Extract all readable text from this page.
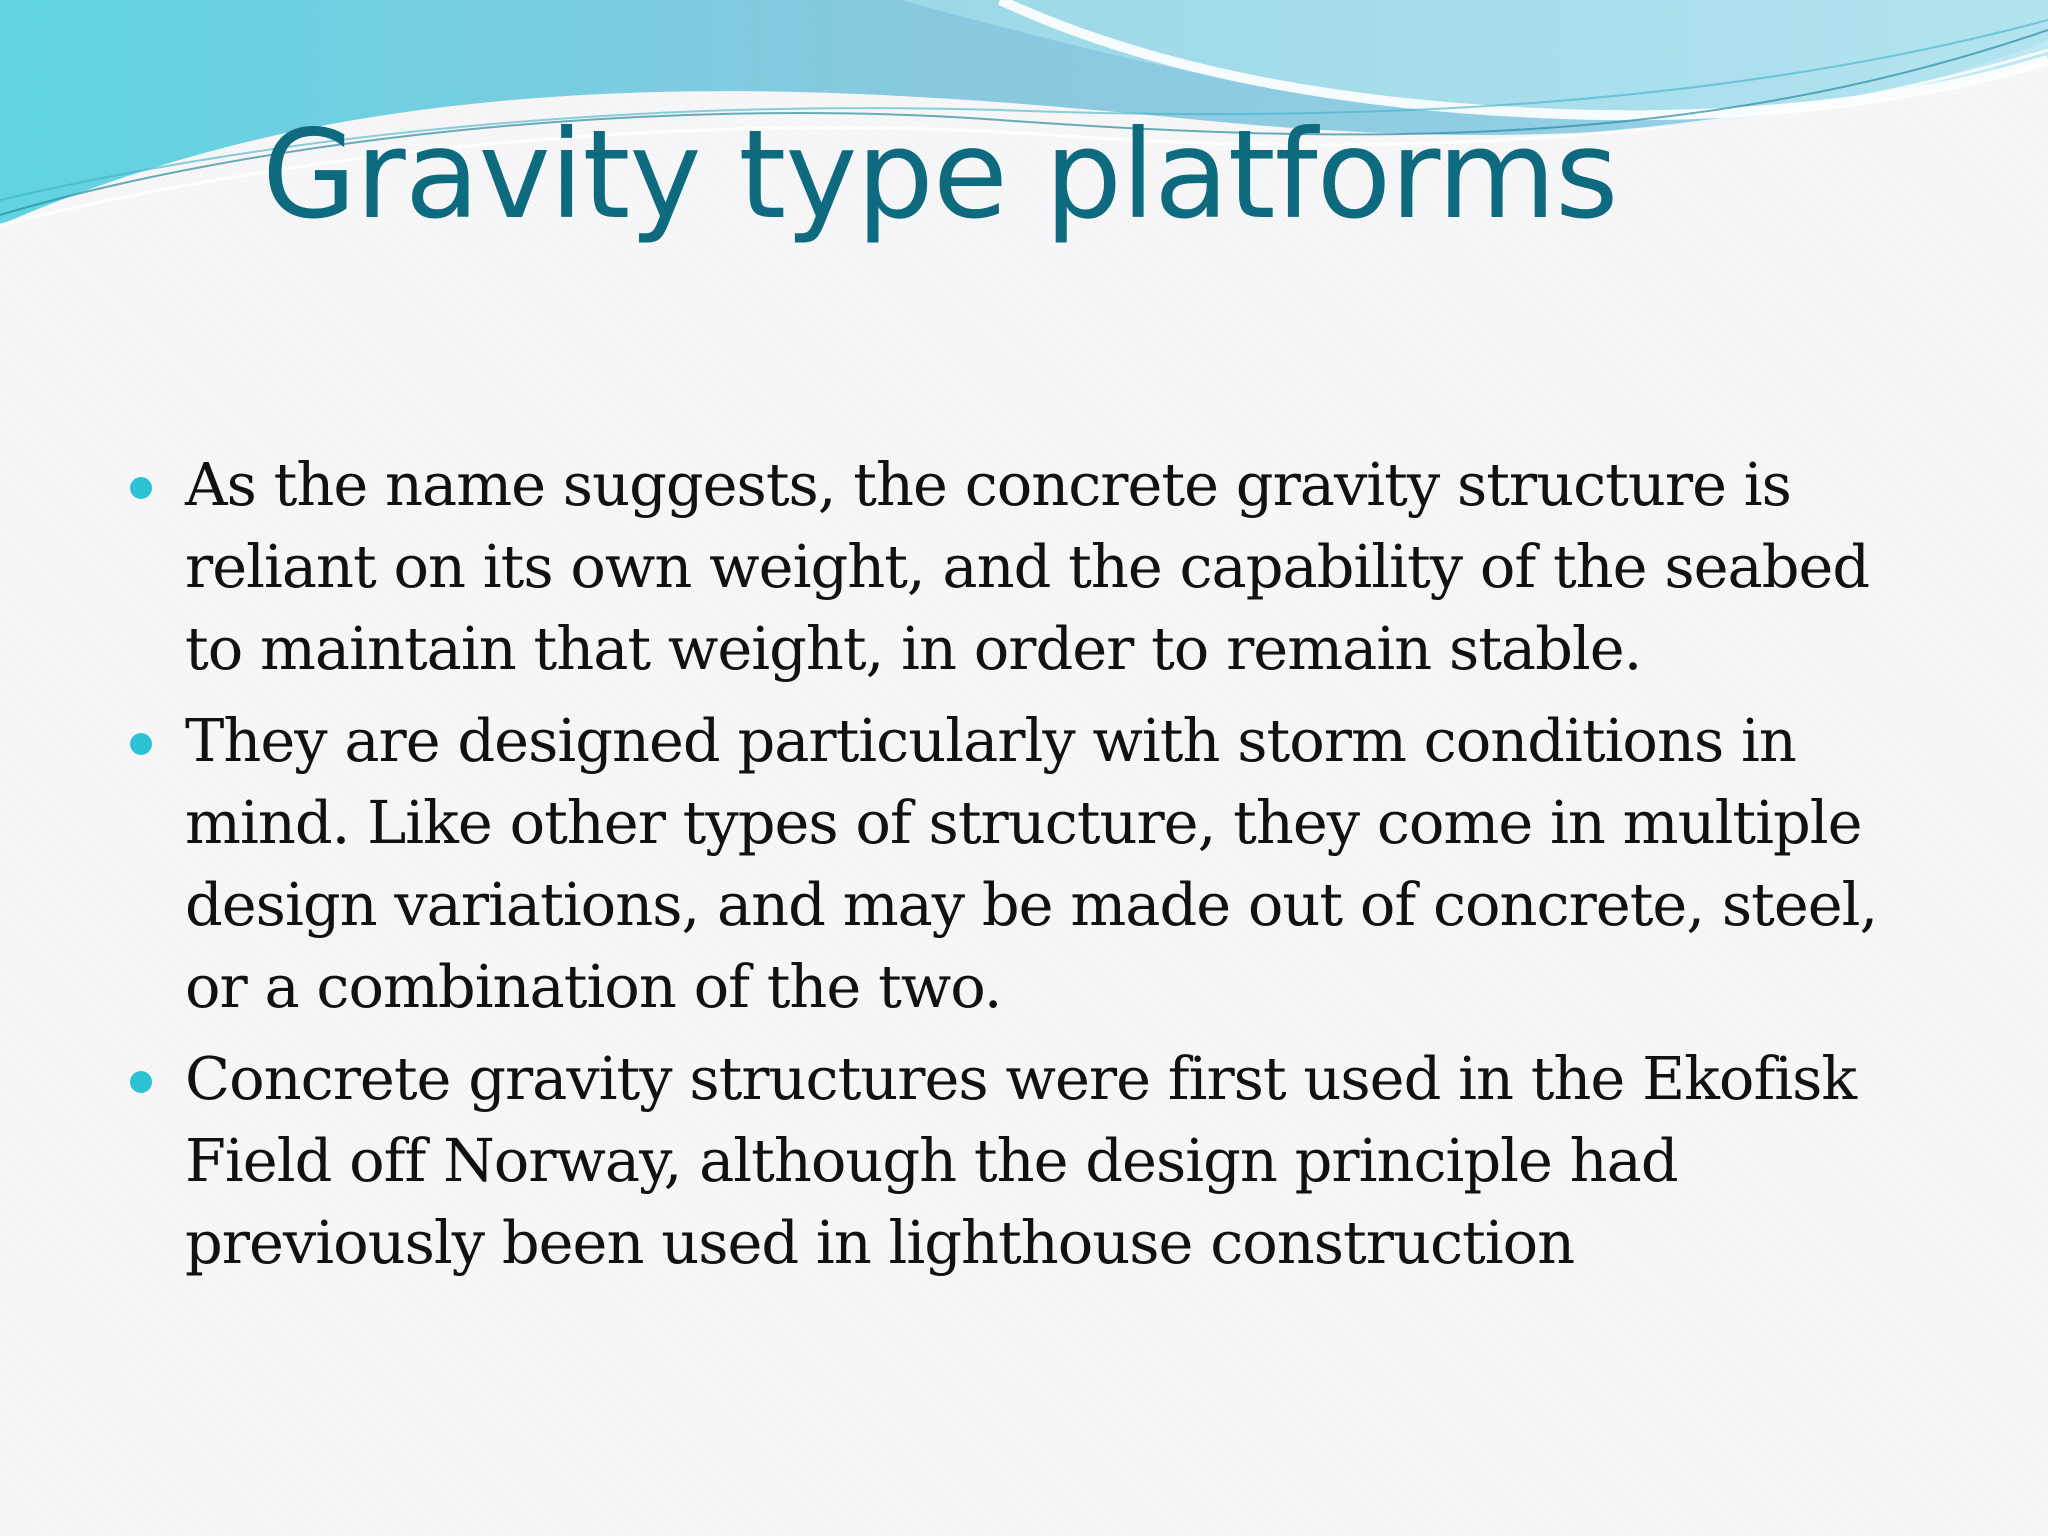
Gravity type platforms
As the name suggests, the concrete gravity structure is reliant on its own weight, and the capability of the seabed to maintain that weight, in order to remain stable.
They are designed particularly with storm conditions in mind. Like other types of structure, they come in multiple design variations, and may be made out of concrete, steel, or a combination of the two.
Concrete gravity structures were first used in the Ekofisk Field off Norway, although the design principle had previously been used in lighthouse construction
